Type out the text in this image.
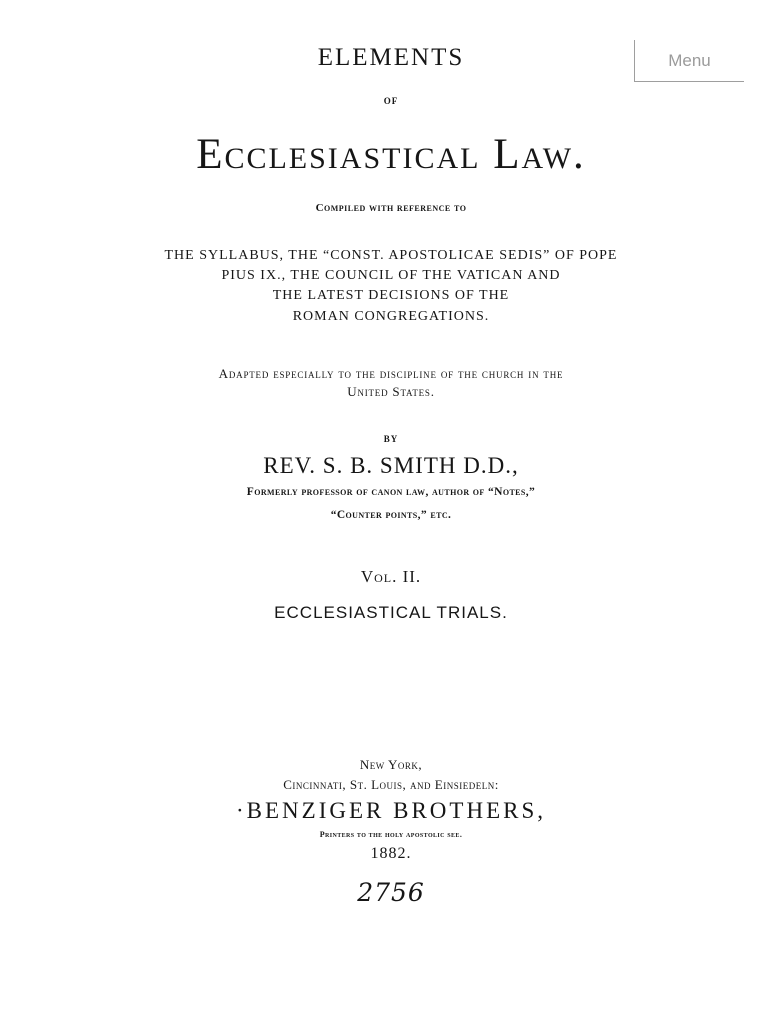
ELEMENTS
OF
Ecclesiastical Law.
Compiled with reference to
THE SYLLABUS, THE “CONST. APOSTOLICAE SEDIS” OF POPE
PIUS IX., THE COUNCIL OF THE VATICAN AND
THE LATEST DECISIONS OF THE
ROMAN CONGREGATIONS.
Adapted especially to the discipline of the church in the
United States.
BY
REV. S. B. SMITH D.D.,
Formerly professor of canon law, author of “Notes,”
“Counter points,” etc.
Vol. II.
ECCLESIASTICAL TRIALS.
New York,
Cincinnati, St. Louis, and Einsiedeln:
·BENZIGER BROTHERS,
Printers to the holy apostolic see.
1882.
2756
Menu
